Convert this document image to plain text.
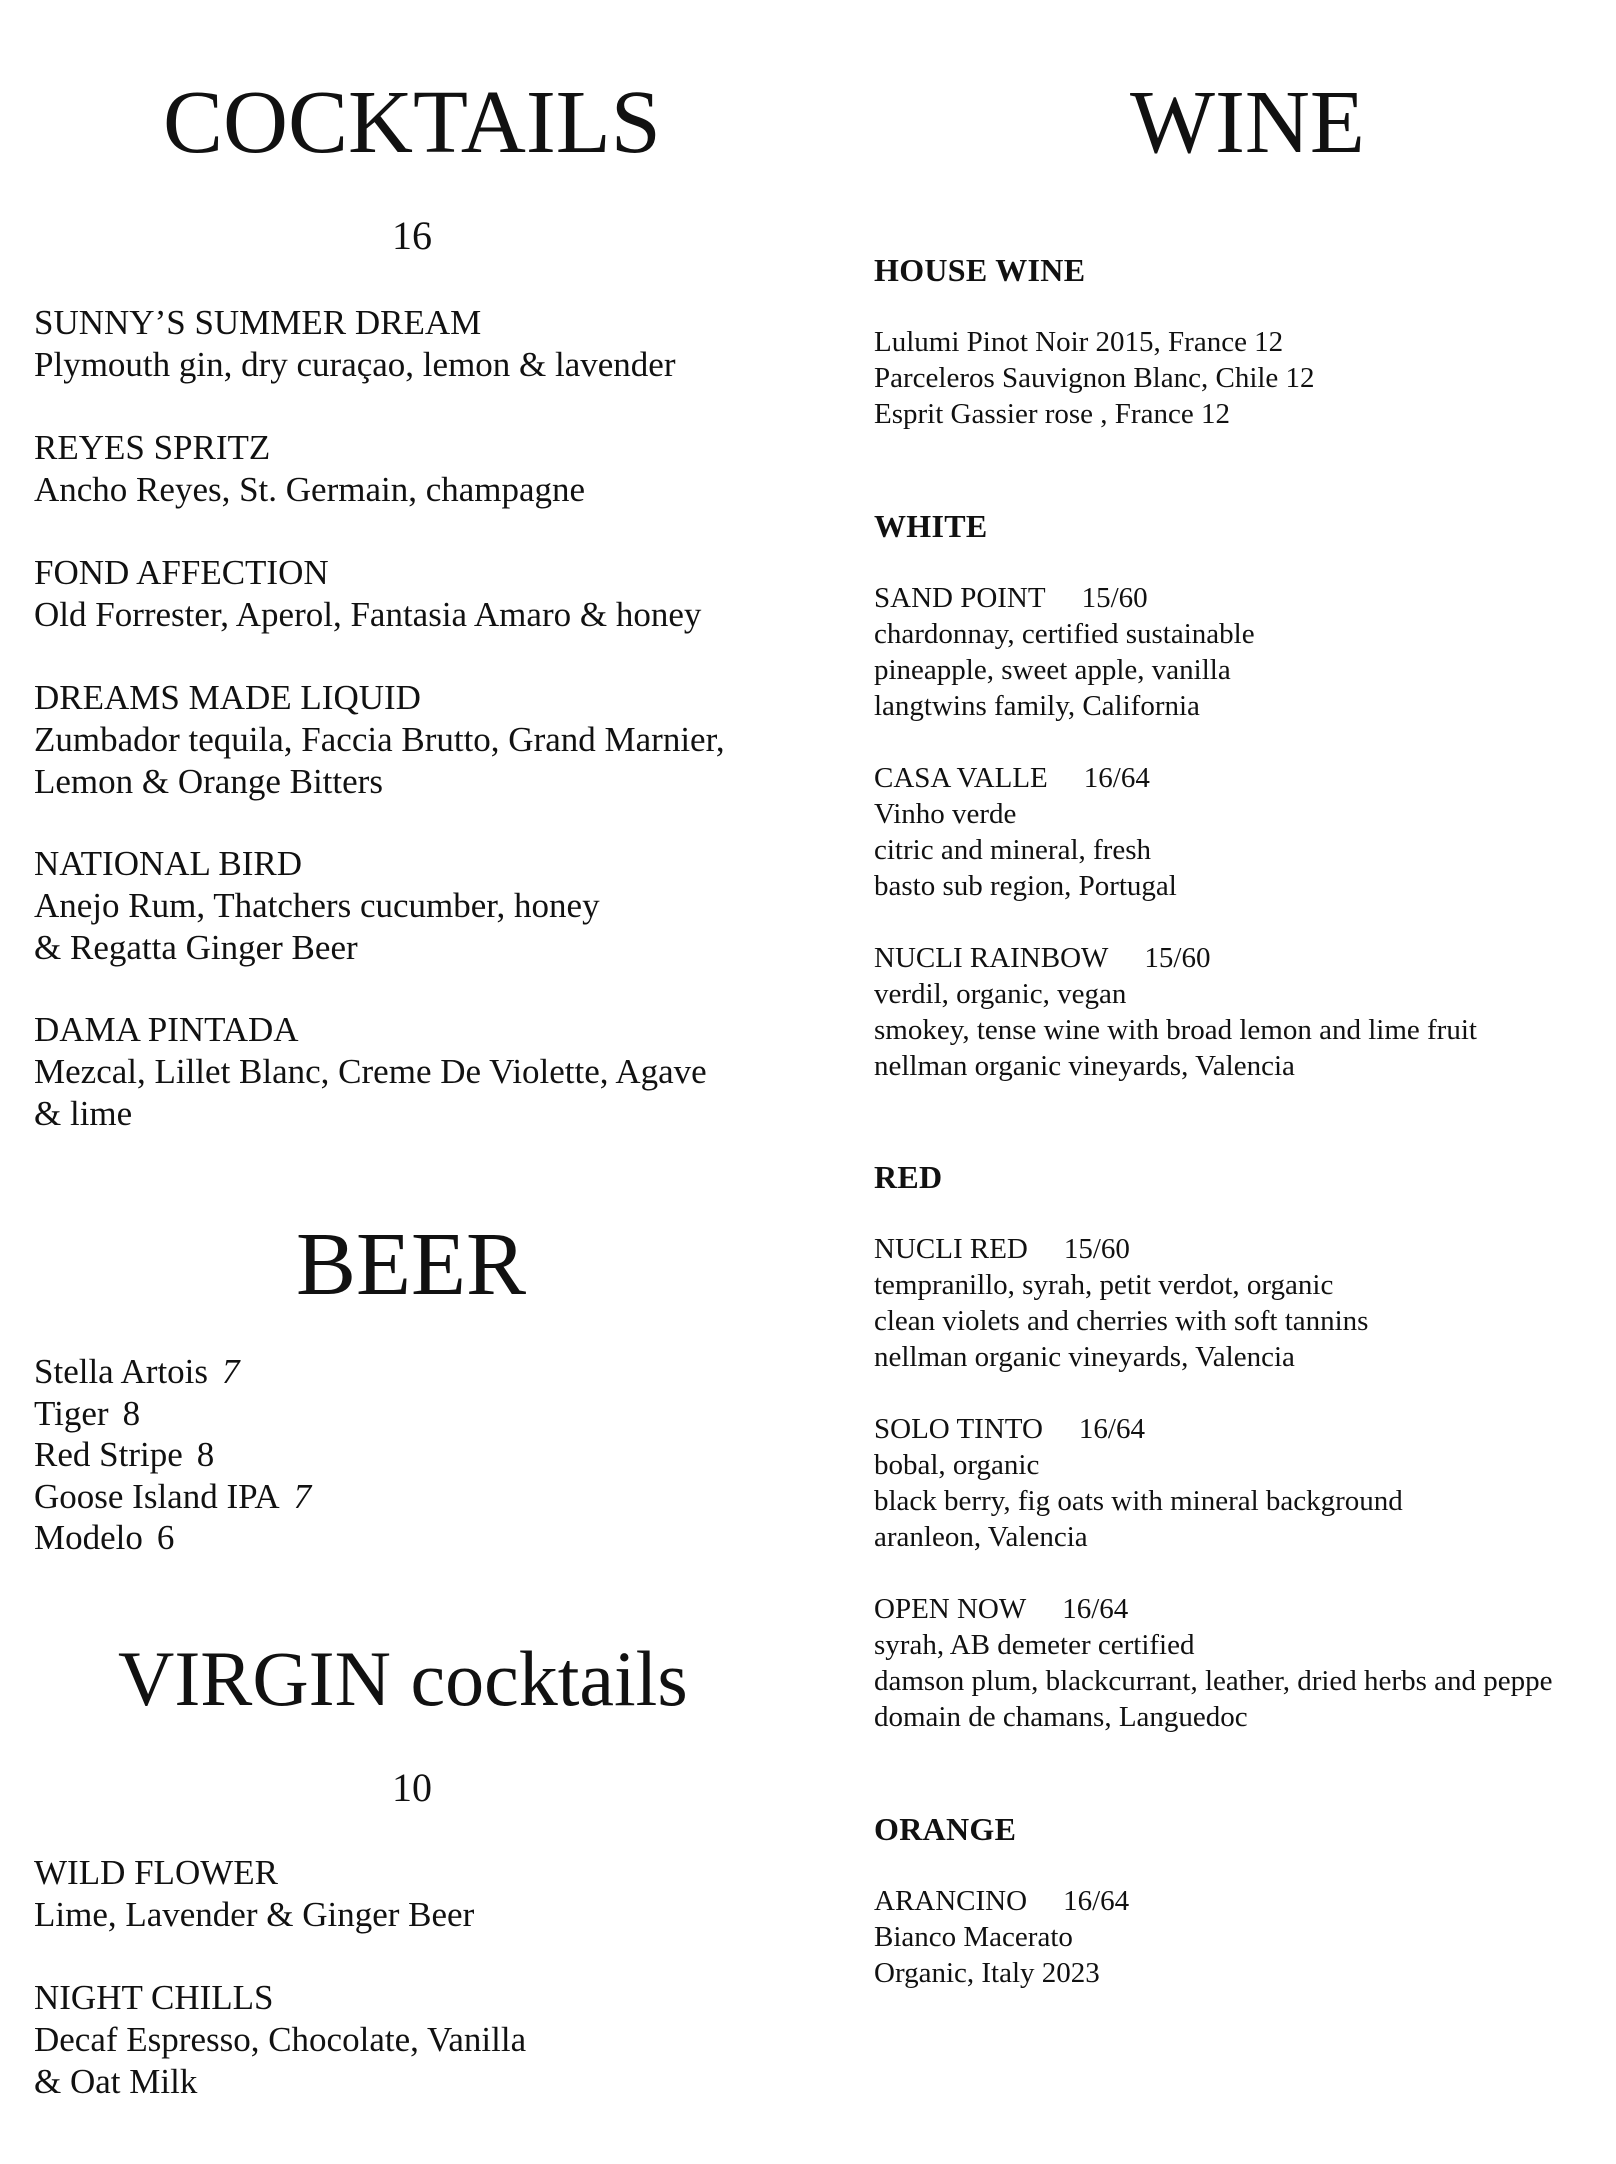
COCKTAILS

16

SUNNY’S SUMMER DREAM
Plymouth gin, dry curaçao, lemon & lavender
REYES SPRITZ
Ancho Reyes, St. Germain, champagne
FOND AFFECTION
Old Forrester, Aperol, Fantasia Amaro & honey
DREAMS MADE LIQUID
Zumbador tequila, Faccia Brutto, Grand Marnier,
Lemon & Orange Bitters
NATIONAL BIRD
Anejo Rum, Thatchers cucumber, honey
& Regatta Ginger Beer
DAMA PINTADA
Mezcal, Lillet Blanc, Creme De Violette, Agave
& lime
BEER
Stella Artois 7
Tiger 8
Red Stripe 8
Goose Island IPA 7
Modelo 6
VIRGIN cocktails

10

WILD FLOWER
Lime, Lavender & Ginger Beer
NIGHT CHILLS
Decaf Espresso, Chocolate, Vanilla
& Oat Milk
WINE
HOUSE WINE
Lulumi Pinot Noir 2015, France 12
Parceleros Sauvignon Blanc, Chile 12
Esprit Gassier rose , France 12
WHITE
SAND POINT 15/60
chardonnay, certified sustainable
pineapple, sweet apple, vanilla
langtwins family, California
CASA VALLE 16/64
Vinho verde
citric and mineral, fresh
basto sub region, Portugal
NUCLI RAINBOW 15/60
verdil, organic, vegan
smokey, tense wine with broad lemon and lime fruit
nellman organic vineyards, Valencia
RED
NUCLI RED 15/60
tempranillo, syrah, petit verdot, organic
clean violets and cherries with soft tannins
nellman organic vineyards, Valencia
SOLO TINTO 16/64
bobal, organic
black berry, fig oats with mineral background
aranleon, Valencia
OPEN NOW 16/64
syrah, AB demeter certified
damson plum, blackcurrant, leather, dried herbs and peppe
domain de chamans, Languedoc
ORANGE
ARANCINO 16/64
Bianco Macerato
Organic, Italy 2023
